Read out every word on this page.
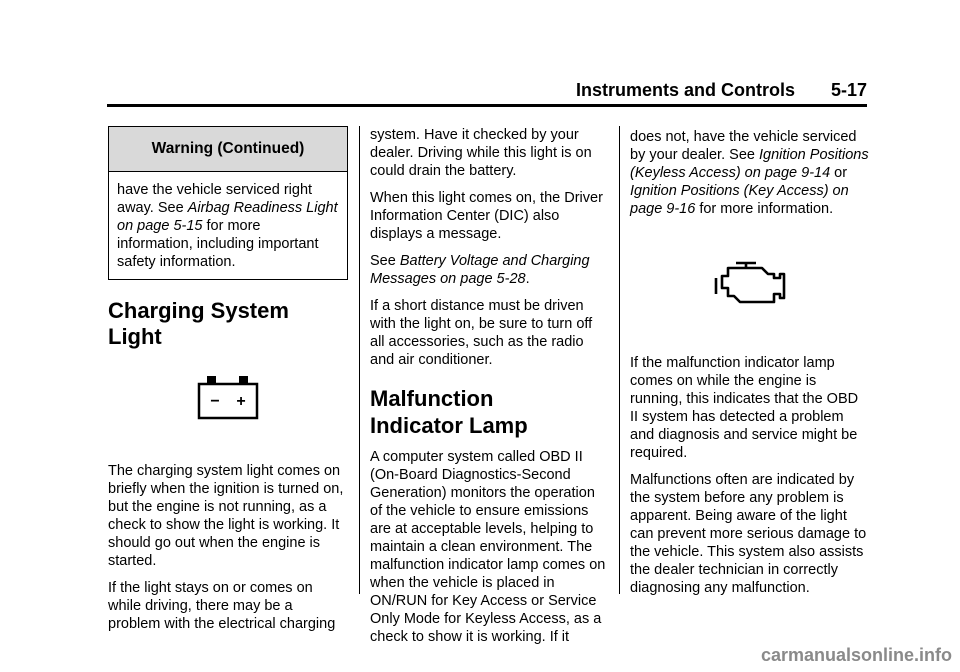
Instruments and Controls 5-17
Warning (Continued)
have the vehicle serviced right away. See Airbag Readiness Light on page 5-15 for more information, including important safety information.
Charging System Light
− +

The charging system light comes on briefly when the ignition is turned on, but the engine is not running, as a check to show the light is working. It should go out when the engine is started.

If the light stays on or comes on while driving, there may be a problem with the electrical charging

system. Have it checked by your dealer. Driving while this light is on could drain the battery.

When this light comes on, the Driver Information Center (DIC) also displays a message.

See Battery Voltage and Charging Messages on page 5-28.

If a short distance must be driven with the light on, be sure to turn off all accessories, such as the radio and air conditioner.

Malfunction
Indicator Lamp

A computer system called OBD II (On-Board Diagnostics-Second Generation) monitors the operation of the vehicle to ensure emissions are at acceptable levels, helping to maintain a clean environment. The malfunction indicator lamp comes on when the vehicle is placed in ON/RUN for Key Access or Service Only Mode for Keyless Access, as a check to show it is working. If it

does not, have the vehicle serviced by your dealer. See Ignition Positions (Keyless Access) on page 9-14 or Ignition Positions (Key Access) on page 9-16 for more information.

If the malfunction indicator lamp comes on while the engine is running, this indicates that the OBD II system has detected a problem and diagnosis and service might be required.

Malfunctions often are indicated by the system before any problem is apparent. Being aware of the light can prevent more serious damage to the vehicle. This system also assists the dealer technician in correctly diagnosing any malfunction.

carmanualsonline.info
